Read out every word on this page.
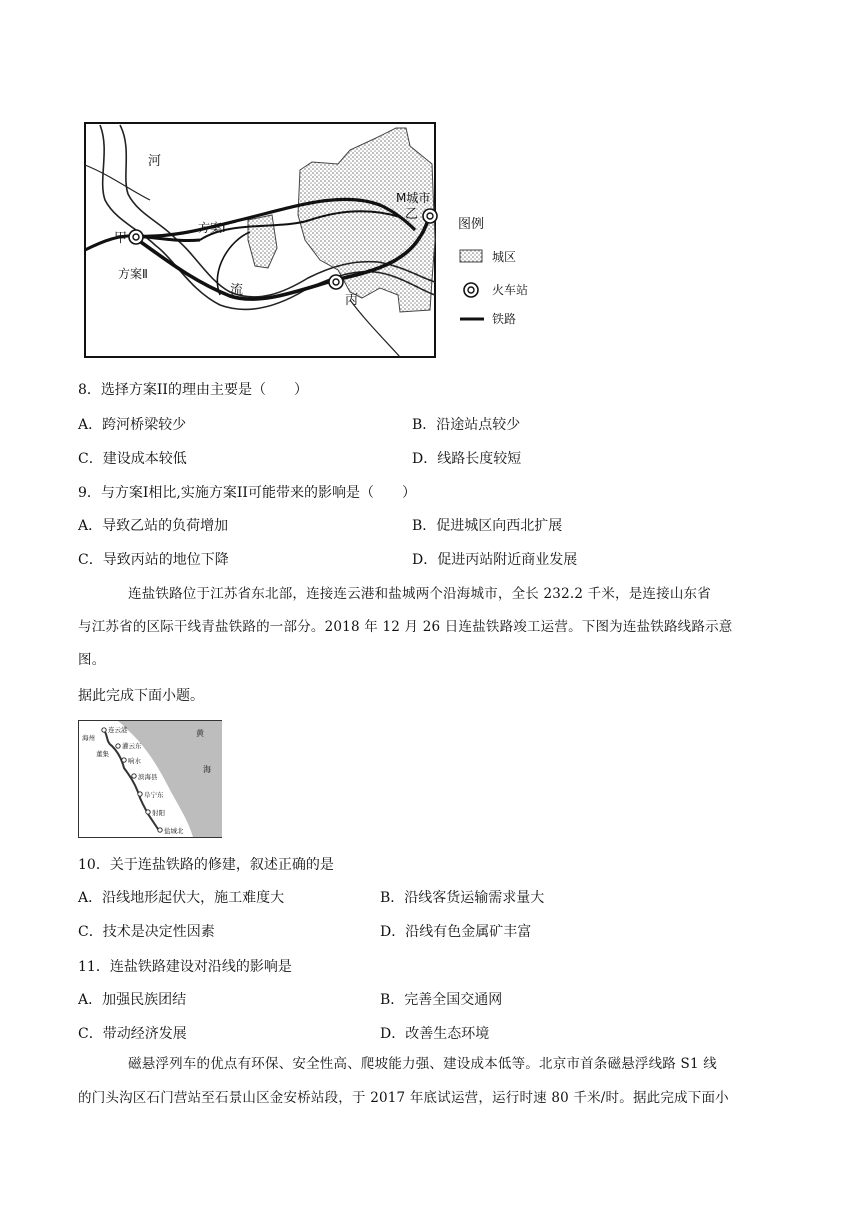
河
流
甲
乙
丙
M城市
方案Ⅰ
方案Ⅱ
图例
城区
火车站
铁路
8．选择方案II的理由主要是（　　）
A．跨河桥梁较少	B．沿途站点较少
C．建设成本较低	D．线路长度较短
9．与方案I相比,实施方案II可能带来的影响是（　　）
A．导致乙站的负荷增加	B．促进城区向西北扩展
C．导致丙站的地位下降	D．促进丙站附近商业发展
连盐铁路位于江苏省东北部，连接连云港和盐城两个沿海城市，全长 232.2 千米，是连接山东省
与江苏省的区际干线青盐铁路的一部分。2018 年 12 月 26 日连盐铁路竣工运营。下图为连盐铁路线路示意
图。
据此完成下面小题。
黄
海
连云港
海州
灌云东
董集
响水
滨海县
阜宁东
射阳
盐城北
10．关于连盐铁路的修建，叙述正确的是
A．沿线地形起伏大，施工难度大	B．沿线客货运输需求量大
C．技术是决定性因素	D．沿线有色金属矿丰富
11．连盐铁路建设对沿线的影响是
A．加强民族团结	B．完善全国交通网
C．带动经济发展	D．改善生态环境
磁悬浮列车的优点有环保、安全性高、爬坡能力强、建设成本低等。北京市首条磁悬浮线路 S1 线
的门头沟区石门营站至石景山区金安桥站段，于 2017 年底试运营，运行时速 80 千米/时。据此完成下面小
